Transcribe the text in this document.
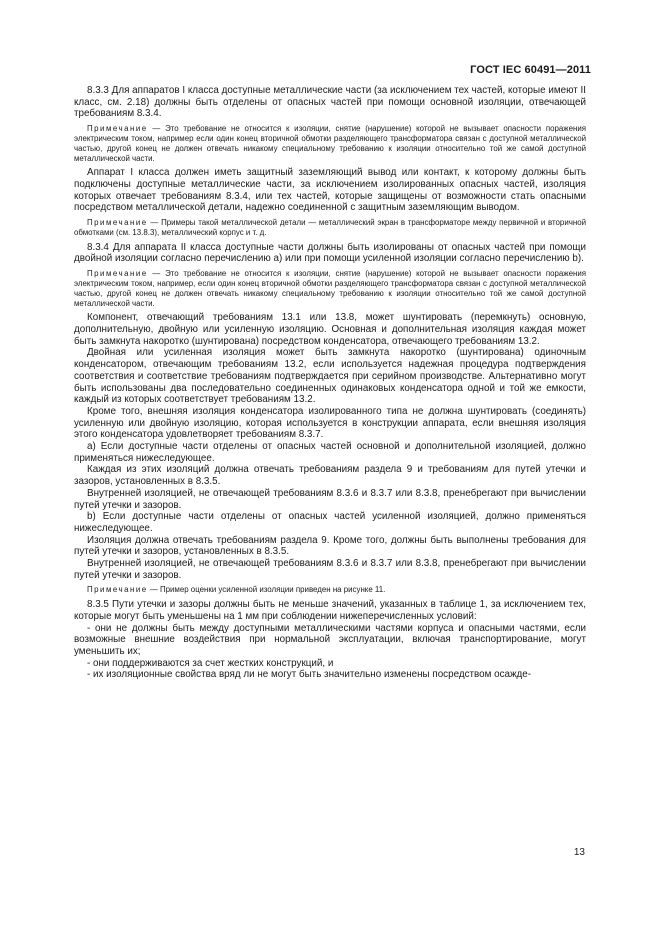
ГОСТ IEC 60491—2011

8.3.3 Для аппаратов I класса доступные металлические части (за исключением тех частей, которые имеют II класс, см. 2.18) должны быть отделены от опасных частей при помощи основной изоляции, отвечающей требованиям 8.3.4.

Примечание — Это требование не относится к изоляции, снятие (нарушение) которой не вызывает опасности поражения электрическим током, например если один конец вторичной обмотки разделяющего трансформатора связан с доступной металлической частью, другой конец не должен отвечать никакому специальному требованию к изоляции относительно той же самой доступной металлической части.

Аппарат I класса должен иметь защитный заземляющий вывод или контакт, к которому должны быть подключены доступные металлические части, за исключением изолированных опасных частей, изоляция которых отвечает требованиям 8.3.4, или тех частей, которые защищены от возможности стать опасными посредством металлической детали, надежно соединенной с защитным заземляющим выводом.

Примечание — Примеры такой металлической детали — металлический экран в трансформаторе между первичной и вторичной обмотками (см. 13.8.3), металлический корпус и т. д.

8.3.4 Для аппарата II класса доступные части должны быть изолированы от опасных частей при помощи двойной изоляции согласно перечислению а) или при помощи усиленной изоляции согласно перечислению b).

Примечание — Это требование не относится к изоляции, снятие (нарушение) которой не вызывает опасности поражения электрическим током, например, если один конец вторичной обмотки разделяющего трансформатора связан с доступной металлической частью, другой конец не должен отвечать никакому специальному требованию к изоляции относительно той же самой доступной металлической части.

Компонент, отвечающий требованиям 13.1 или 13.8, может шунтировать (перемкнуть) основную, дополнительную, двойную или усиленную изоляцию. Основная и дополнительная изоляция каждая может быть замкнута накоротко (шунтирована) посредством конденсатора, отвечающего требованиям 13.2.

Двойная или усиленная изоляция может быть замкнута накоротко (шунтирована) одиночным конденсатором, отвечающим требованиям 13.2, если используется надежная процедура подтверждения соответствия и соответствие требованиям подтверждается при серийном производстве. Альтернативно могут быть использованы два последовательно соединенных одинаковых конденсатора одной и той же емкости, каждый из которых соответствует требованиям 13.2.

Кроме того, внешняя изоляция конденсатора изолированного типа не должна шунтировать (соединять) усиленную или двойную изоляцию, которая используется в конструкции аппарата, если внешняя изоляция этого конденсатора удовлетворяет требованиям 8.3.7.

а) Если доступные части отделены от опасных частей основной и дополнительной изоляцией, должно применяться нижеследующее.

Каждая из этих изоляций должна отвечать требованиям раздела 9 и требованиям для путей утечки и зазоров, установленных в 8.3.5.

Внутренней изоляцией, не отвечающей требованиям 8.3.6 и 8.3.7 или 8.3.8, пренебрегают при вычислении путей утечки и зазоров.

b) Если доступные части отделены от опасных частей усиленной изоляцией, должно применяться нижеследующее.

Изоляция должна отвечать требованиям раздела 9. Кроме того, должны быть выполнены требования для путей утечки и зазоров, установленных в 8.3.5.

Внутренней изоляцией, не отвечающей требованиям 8.3.6 и 8.3.7 или 8.3.8, пренебрегают при вычислении путей утечки и зазоров.

Примечание — Пример оценки усиленной изоляции приведен на рисунке 11.

8.3.5 Пути утечки и зазоры должны быть не меньше значений, указанных в таблице 1, за исключением тех, которые могут быть уменьшены на 1 мм при соблюдении нижеперечисленных условий:

- они не должны быть между доступными металлическими частями корпуса и опасными частями, если возможные внешние воздействия при нормальной эксплуатации, включая транспортирование, могут уменьшить их;

- они поддерживаются за счет жестких конструкций, и

- их изоляционные свойства вряд ли не могут быть значительно изменены посредством осажде-

13
